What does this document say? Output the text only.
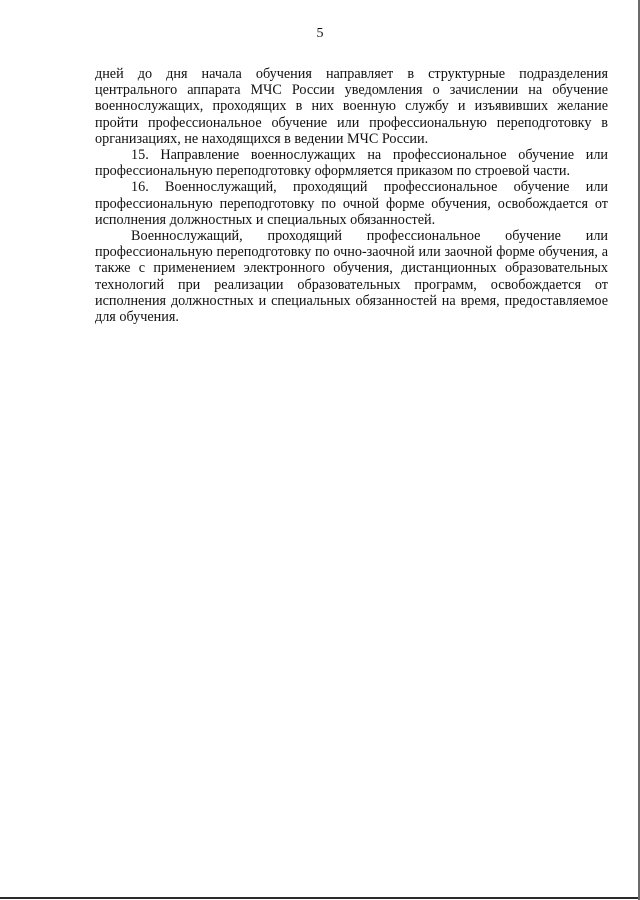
5

дней до дня начала обучения направляет в структурные подразделения центрального аппарата МЧС России уведомления о зачислении на обучение военнослужащих, проходящих в них военную службу и изъявивших желание пройти профессиональное обучение или профессиональную переподготовку в организациях, не находящихся в ведении МЧС России.

15. Направление военнослужащих на профессиональное обучение или профессиональную переподготовку оформляется приказом по строевой части.

16. Военнослужащий, проходящий профессиональное обучение или профессиональную переподготовку по очной форме обучения, освобождается от исполнения должностных и специальных обязанностей.

Военнослужащий, проходящий профессиональное обучение или профессиональную переподготовку по очно-заочной или заочной форме обучения, а также с применением электронного обучения, дистанционных образовательных технологий при реализации образовательных программ, освобождается от исполнения должностных и специальных обязанностей на время, предоставляемое для обучения.
